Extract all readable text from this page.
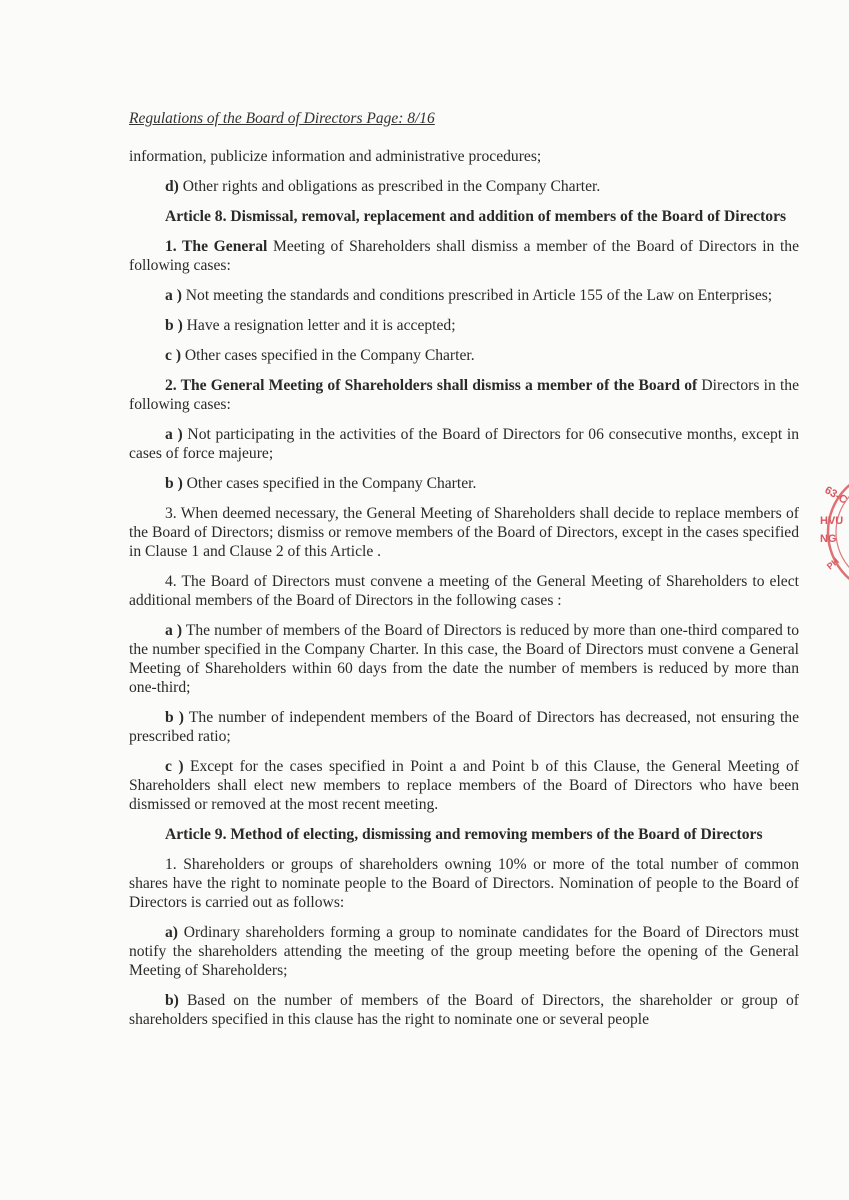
Regulations of the Board of Directors Page: 8/16

information, publicize information and administrative procedures;

d) Other rights and obligations as prescribed in the Company Charter.

Article 8. Dismissal, removal, replacement and addition of members of the Board of Directors

1. The General Meeting of Shareholders shall dismiss a member of the Board of Directors in the following cases:

a ) Not meeting the standards and conditions prescribed in Article 155 of the Law on Enterprises;

b ) Have a resignation letter and it is accepted;

c ) Other cases specified in the Company Charter.

2. The General Meeting of Shareholders shall dismiss a member of the Board of Directors in the following cases:

a ) Not participating in the activities of the Board of Directors for 06 consecutive months, except in cases of force majeure;

b ) Other cases specified in the Company Charter.

3. When deemed necessary, the General Meeting of Shareholders shall decide to replace members of the Board of Directors; dismiss or remove members of the Board of Directors, except in the cases specified in Clause 1 and Clause 2 of this Article .

4. The Board of Directors must convene a meeting of the General Meeting of Shareholders to elect additional members of the Board of Directors in the following cases :

a ) The number of members of the Board of Directors is reduced by more than one-third compared to the number specified in the Company Charter. In this case, the Board of Directors must convene a General Meeting of Shareholders within 60 days from the date the number of members is reduced by more than one-third;

b ) The number of independent members of the Board of Directors has decreased, not ensuring the prescribed ratio;

c ) Except for the cases specified in Point a and Point b of this Clause, the General Meeting of Shareholders shall elect new members to replace members of the Board of Directors who have been dismissed or removed at the most recent meeting.

Article 9. Method of electing, dismissing and removing members of the Board of Directors

1. Shareholders or groups of shareholders owning 10% or more of the total number of common shares have the right to nominate people to the Board of Directors. Nomination of people to the Board of Directors is carried out as follows:

a) Ordinary shareholders forming a group to nominate candidates for the Board of Directors must notify the shareholders attending the meeting of the group meeting before the opening of the General Meeting of Shareholders;

b) Based on the number of members of the Board of Directors, the shareholder or group of shareholders specified in this clause has the right to nominate one or several people

63-C
HVU
NG
PH
